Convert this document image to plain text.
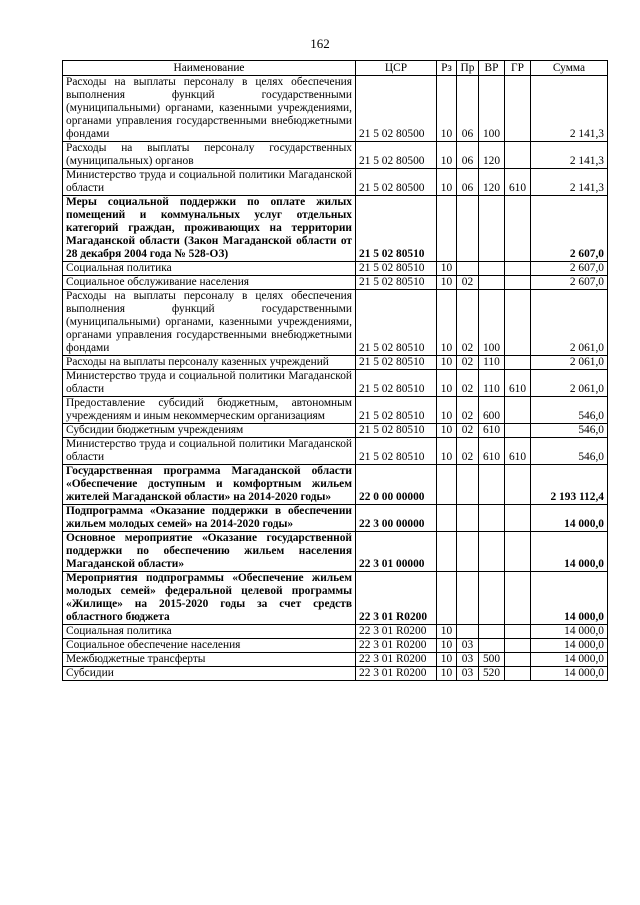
162
Наименование	ЦСР	Рз	Пр	ВР	ГР	Сумма
Расходы на выплаты персоналу в целях обеспечения выполнения функций государственными (муниципальными) органами, казенными учреждениями, органами управления государственными внебюджетными фондами	21 5 02 80500	10	06	100		2 141,3
Расходы на выплаты персоналу государственных (муниципальных) органов	21 5 02 80500	10	06	120		2 141,3
Министерство труда и социальной политики Магаданской области	21 5 02 80500	10	06	120	610	2 141,3
Меры социальной поддержки по оплате жилых помещений и коммунальных услуг отдельных категорий граждан, проживающих на территории Магаданской области (Закон Магаданской области от 28 декабря 2004 года № 528-ОЗ)	21 5 02 80510					2 607,0
Социальная политика	21 5 02 80510	10				2 607,0
Социальное обслуживание населения	21 5 02 80510	10	02			2 607,0
Расходы на выплаты персоналу в целях обеспечения выполнения функций государственными (муниципальными) органами, казенными учреждениями, органами управления государственными внебюджетными фондами	21 5 02 80510	10	02	100		2 061,0
Расходы на выплаты персоналу казенных учреждений	21 5 02 80510	10	02	110		2 061,0
Министерство труда и социальной политики Магаданской области	21 5 02 80510	10	02	110	610	2 061,0
Предоставление субсидий бюджетным, автономным учреждениям и иным некоммерческим организациям	21 5 02 80510	10	02	600		546,0
Субсидии бюджетным учреждениям	21 5 02 80510	10	02	610		546,0
Министерство труда и социальной политики Магаданской области	21 5 02 80510	10	02	610	610	546,0
Государственная программа Магаданской области «Обеспечение доступным и комфортным жильем жителей Магаданской области» на 2014-2020 годы»	22 0 00 00000					2 193 112,4
Подпрограмма «Оказание поддержки в обеспечении жильем молодых семей» на 2014-2020 годы»	22 3 00 00000					14 000,0
Основное мероприятие «Оказание государственной поддержки по обеспечению жильем населения Магаданской области»	22 3 01 00000					14 000,0
Мероприятия подпрограммы «Обеспечение жильем молодых семей» федеральной целевой программы «Жилище» на 2015-2020 годы за счет средств областного бюджета	22 3 01 R0200					14 000,0
Социальная политика	22 3 01 R0200	10				14 000,0
Социальное обеспечение населения	22 3 01 R0200	10	03			14 000,0
Межбюджетные трансферты	22 3 01 R0200	10	03	500		14 000,0
Субсидии	22 3 01 R0200	10	03	520		14 000,0
